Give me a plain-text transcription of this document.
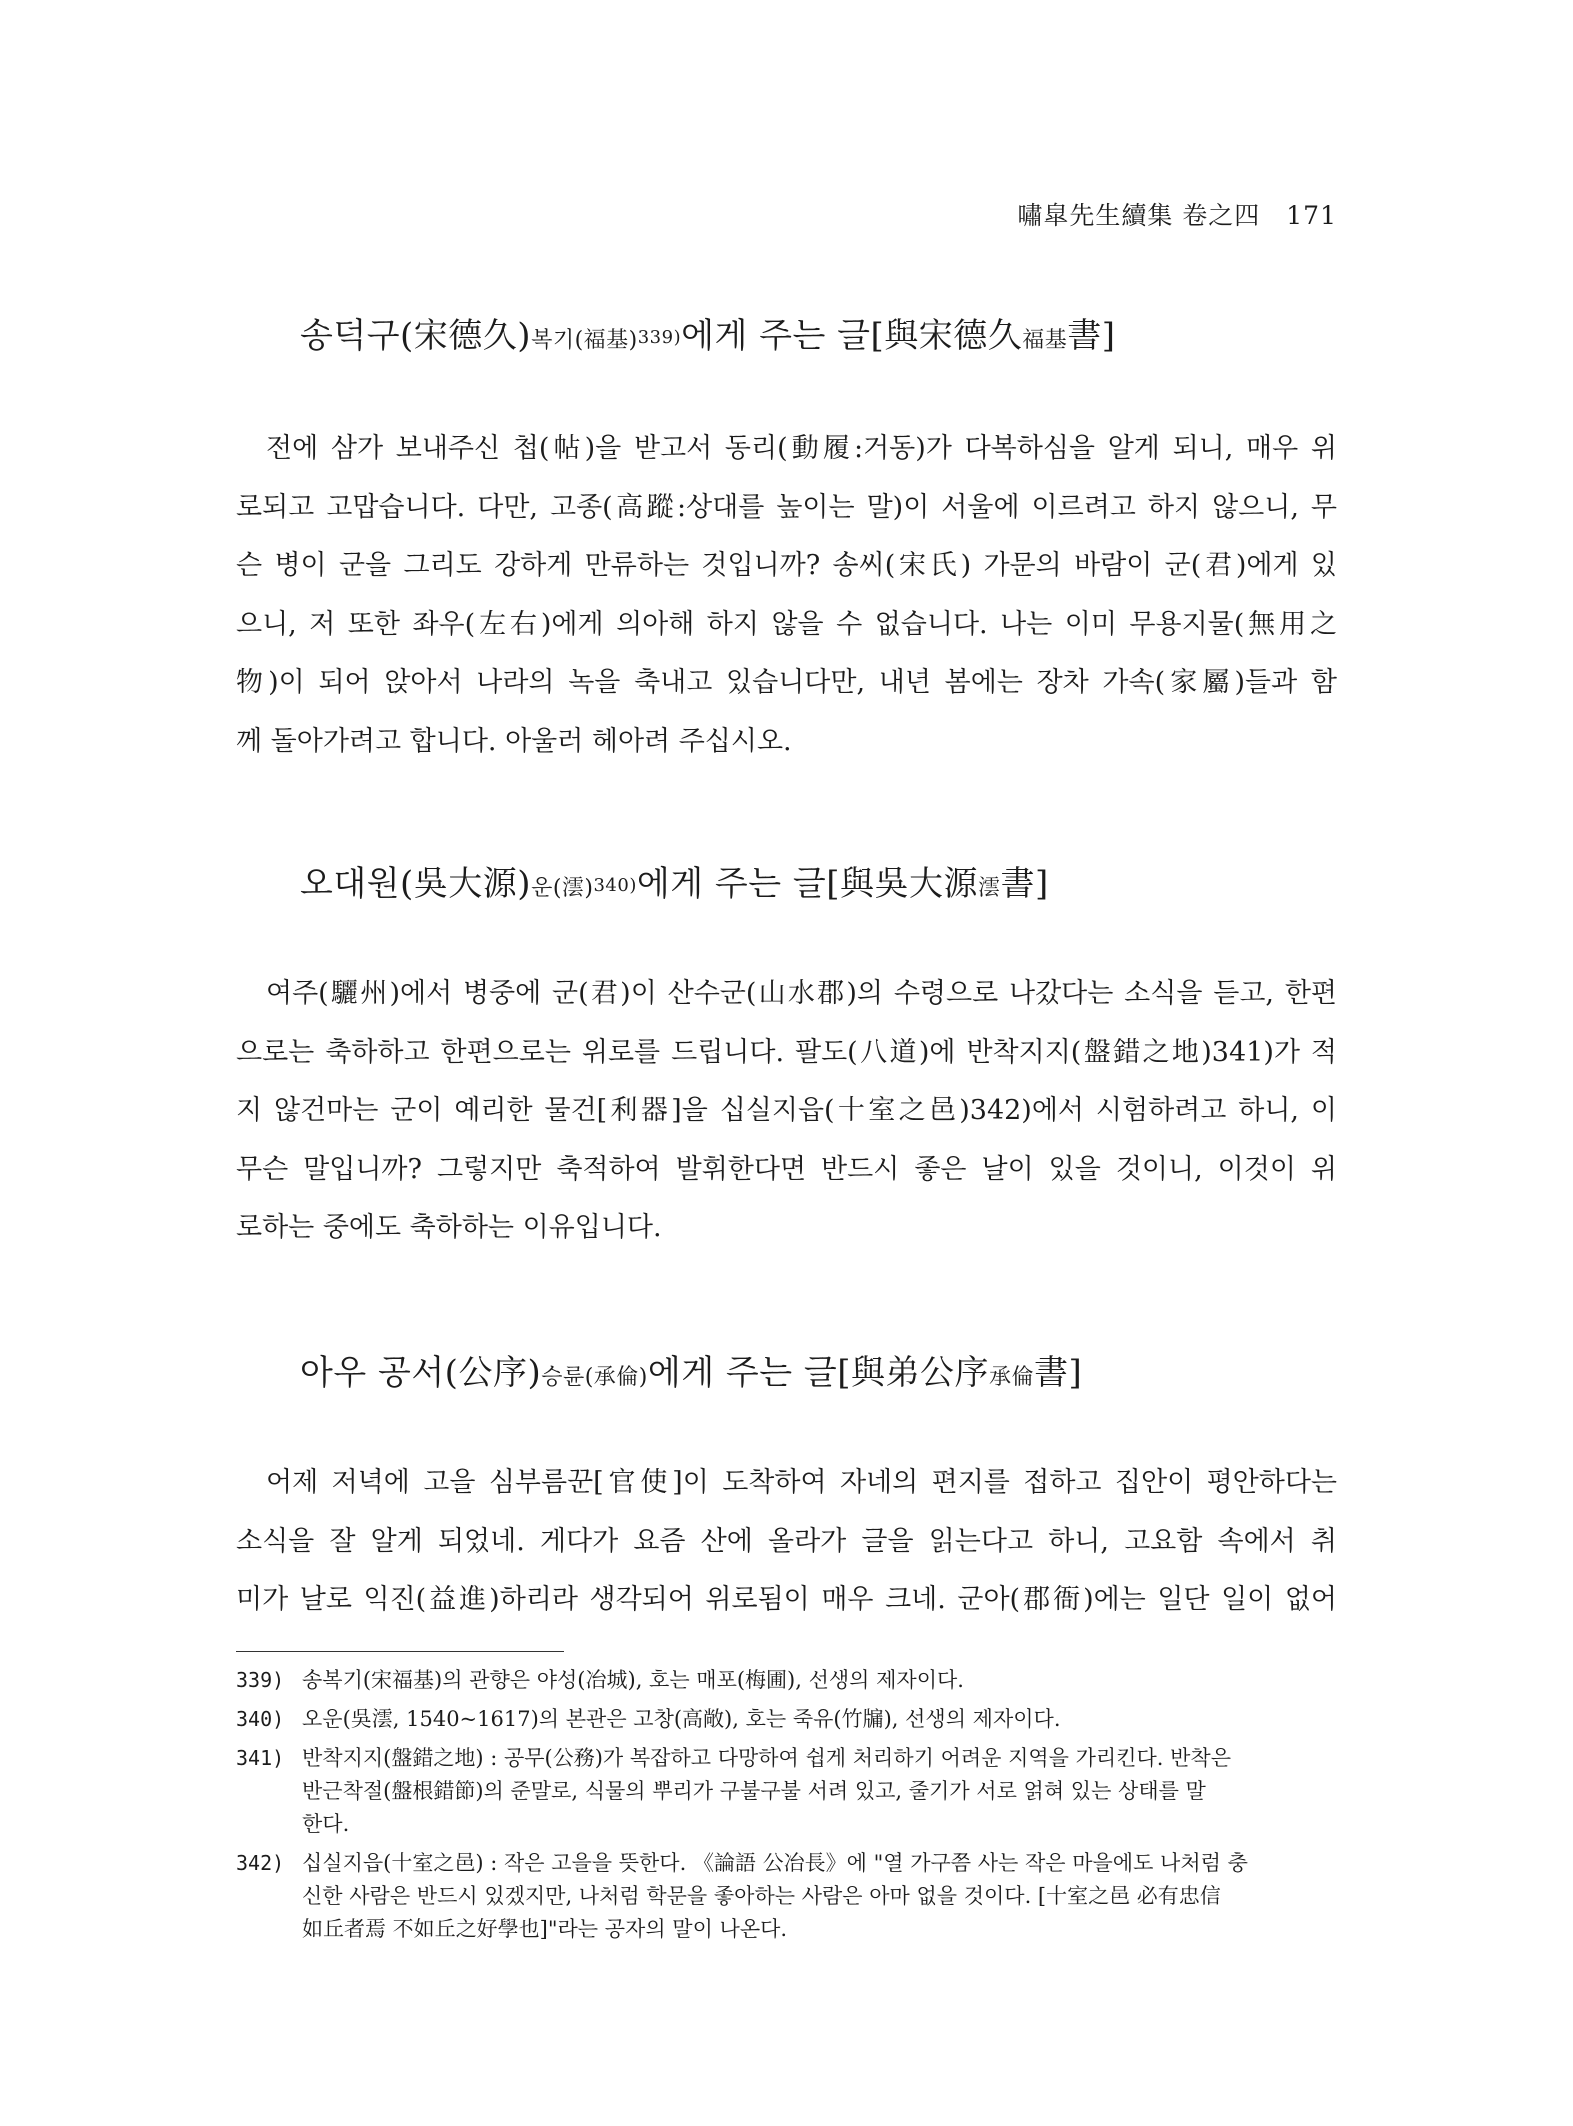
嘯皐先生續集 卷之四 171
송덕구(宋德久)복기(福基)339)에게 주는 글[與宋德久福基書]
전에 삼가 보내주신 첩(帖)을 받고서 동리(動履:거동)가 다복하심을 알게 되니, 매우 위
로되고 고맙습니다. 다만, 고종(高蹤:상대를 높이는 말)이 서울에 이르려고 하지 않으니, 무
슨 병이 군을 그리도 강하게 만류하는 것입니까? 송씨(宋氏) 가문의 바람이 군(君)에게 있
으니, 저 또한 좌우(左右)에게 의아해 하지 않을 수 없습니다. 나는 이미 무용지물(無用之
物)이 되어 앉아서 나라의 녹을 축내고 있습니다만, 내년 봄에는 장차 가속(家屬)들과 함
께 돌아가려고 합니다. 아울러 헤아려 주십시오.
오대원(吳大源)운(澐)340)에게 주는 글[與吳大源澐書]
여주(驪州)에서 병중에 군(君)이 산수군(山水郡)의 수령으로 나갔다는 소식을 듣고, 한편
으로는 축하하고 한편으로는 위로를 드립니다. 팔도(八道)에 반착지지(盤錯之地)341)가 적
지 않건마는 군이 예리한 물건[利器]을 십실지읍(十室之邑)342)에서 시험하려고 하니, 이
무슨 말입니까? 그렇지만 축적하여 발휘한다면 반드시 좋은 날이 있을 것이니, 이것이 위
로하는 중에도 축하하는 이유입니다.
아우 공서(公序)승륜(承倫)에게 주는 글[與弟公序承倫書]
어제 저녁에 고을 심부름꾼[官使]이 도착하여 자네의 편지를 접하고 집안이 평안하다는
소식을 잘 알게 되었네. 게다가 요즘 산에 올라가 글을 읽는다고 하니, 고요함 속에서 취
미가 날로 익진(益進)하리라 생각되어 위로됨이 매우 크네. 군아(郡衙)에는 일단 일이 없어
339) 송복기(宋福基)의 관향은 야성(冶城), 호는 매포(梅圃), 선생의 제자이다.
340) 오운(吳澐, 1540~1617)의 본관은 고창(高敞), 호는 죽유(竹牖), 선생의 제자이다.
341) 반착지지(盤錯之地) : 공무(公務)가 복잡하고 다망하여 쉽게 처리하기 어려운 지역을 가리킨다. 반착은
반근착절(盤根錯節)의 준말로, 식물의 뿌리가 구불구불 서려 있고, 줄기가 서로 얽혀 있는 상태를 말
한다.
342) 십실지읍(十室之邑) : 작은 고을을 뜻한다. 《論語 公冶長》에 "열 가구쯤 사는 작은 마을에도 나처럼 충
신한 사람은 반드시 있겠지만, 나처럼 학문을 좋아하는 사람은 아마 없을 것이다. [十室之邑 必有忠信
如丘者焉 不如丘之好學也]"라는 공자의 말이 나온다.
